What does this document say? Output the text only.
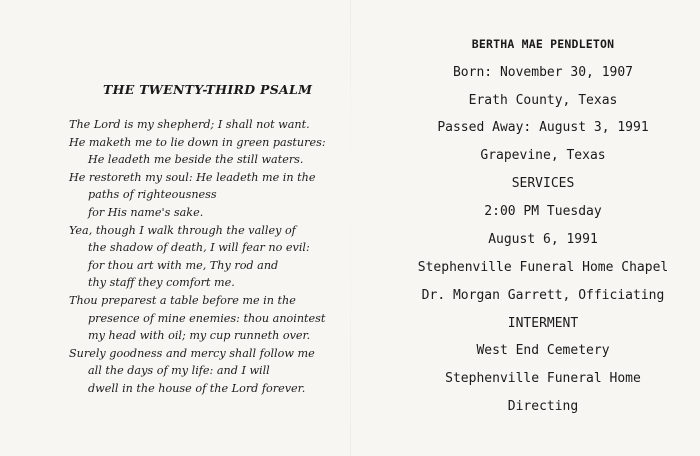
THE TWENTY-THIRD PSALM
The Lord is my shepherd; I shall not want.
He maketh me to lie down in green pastures:
He leadeth me beside the still waters.
He restoreth my soul: He leadeth me in the
paths of righteousness
for His name's sake.
Yea, though I walk through the valley of
the shadow of death, I will fear no evil:
for thou art with me, Thy rod and
thy staff they comfort me.
Thou preparest a table before me in the
presence of mine enemies: thou anointest
my head with oil; my cup runneth over.
Surely goodness and mercy shall follow me
all the days of my life: and I will
dwell in the house of the Lord forever.
BERTHA MAE PENDLETON
Born: November 30, 1907
Erath County, Texas
Passed Away: August 3, 1991
Grapevine, Texas
SERVICES
2:00 PM Tuesday
August 6, 1991
Stephenville Funeral Home Chapel
Dr. Morgan Garrett, Officiating
INTERMENT
West End Cemetery
Stephenville Funeral Home
Directing
